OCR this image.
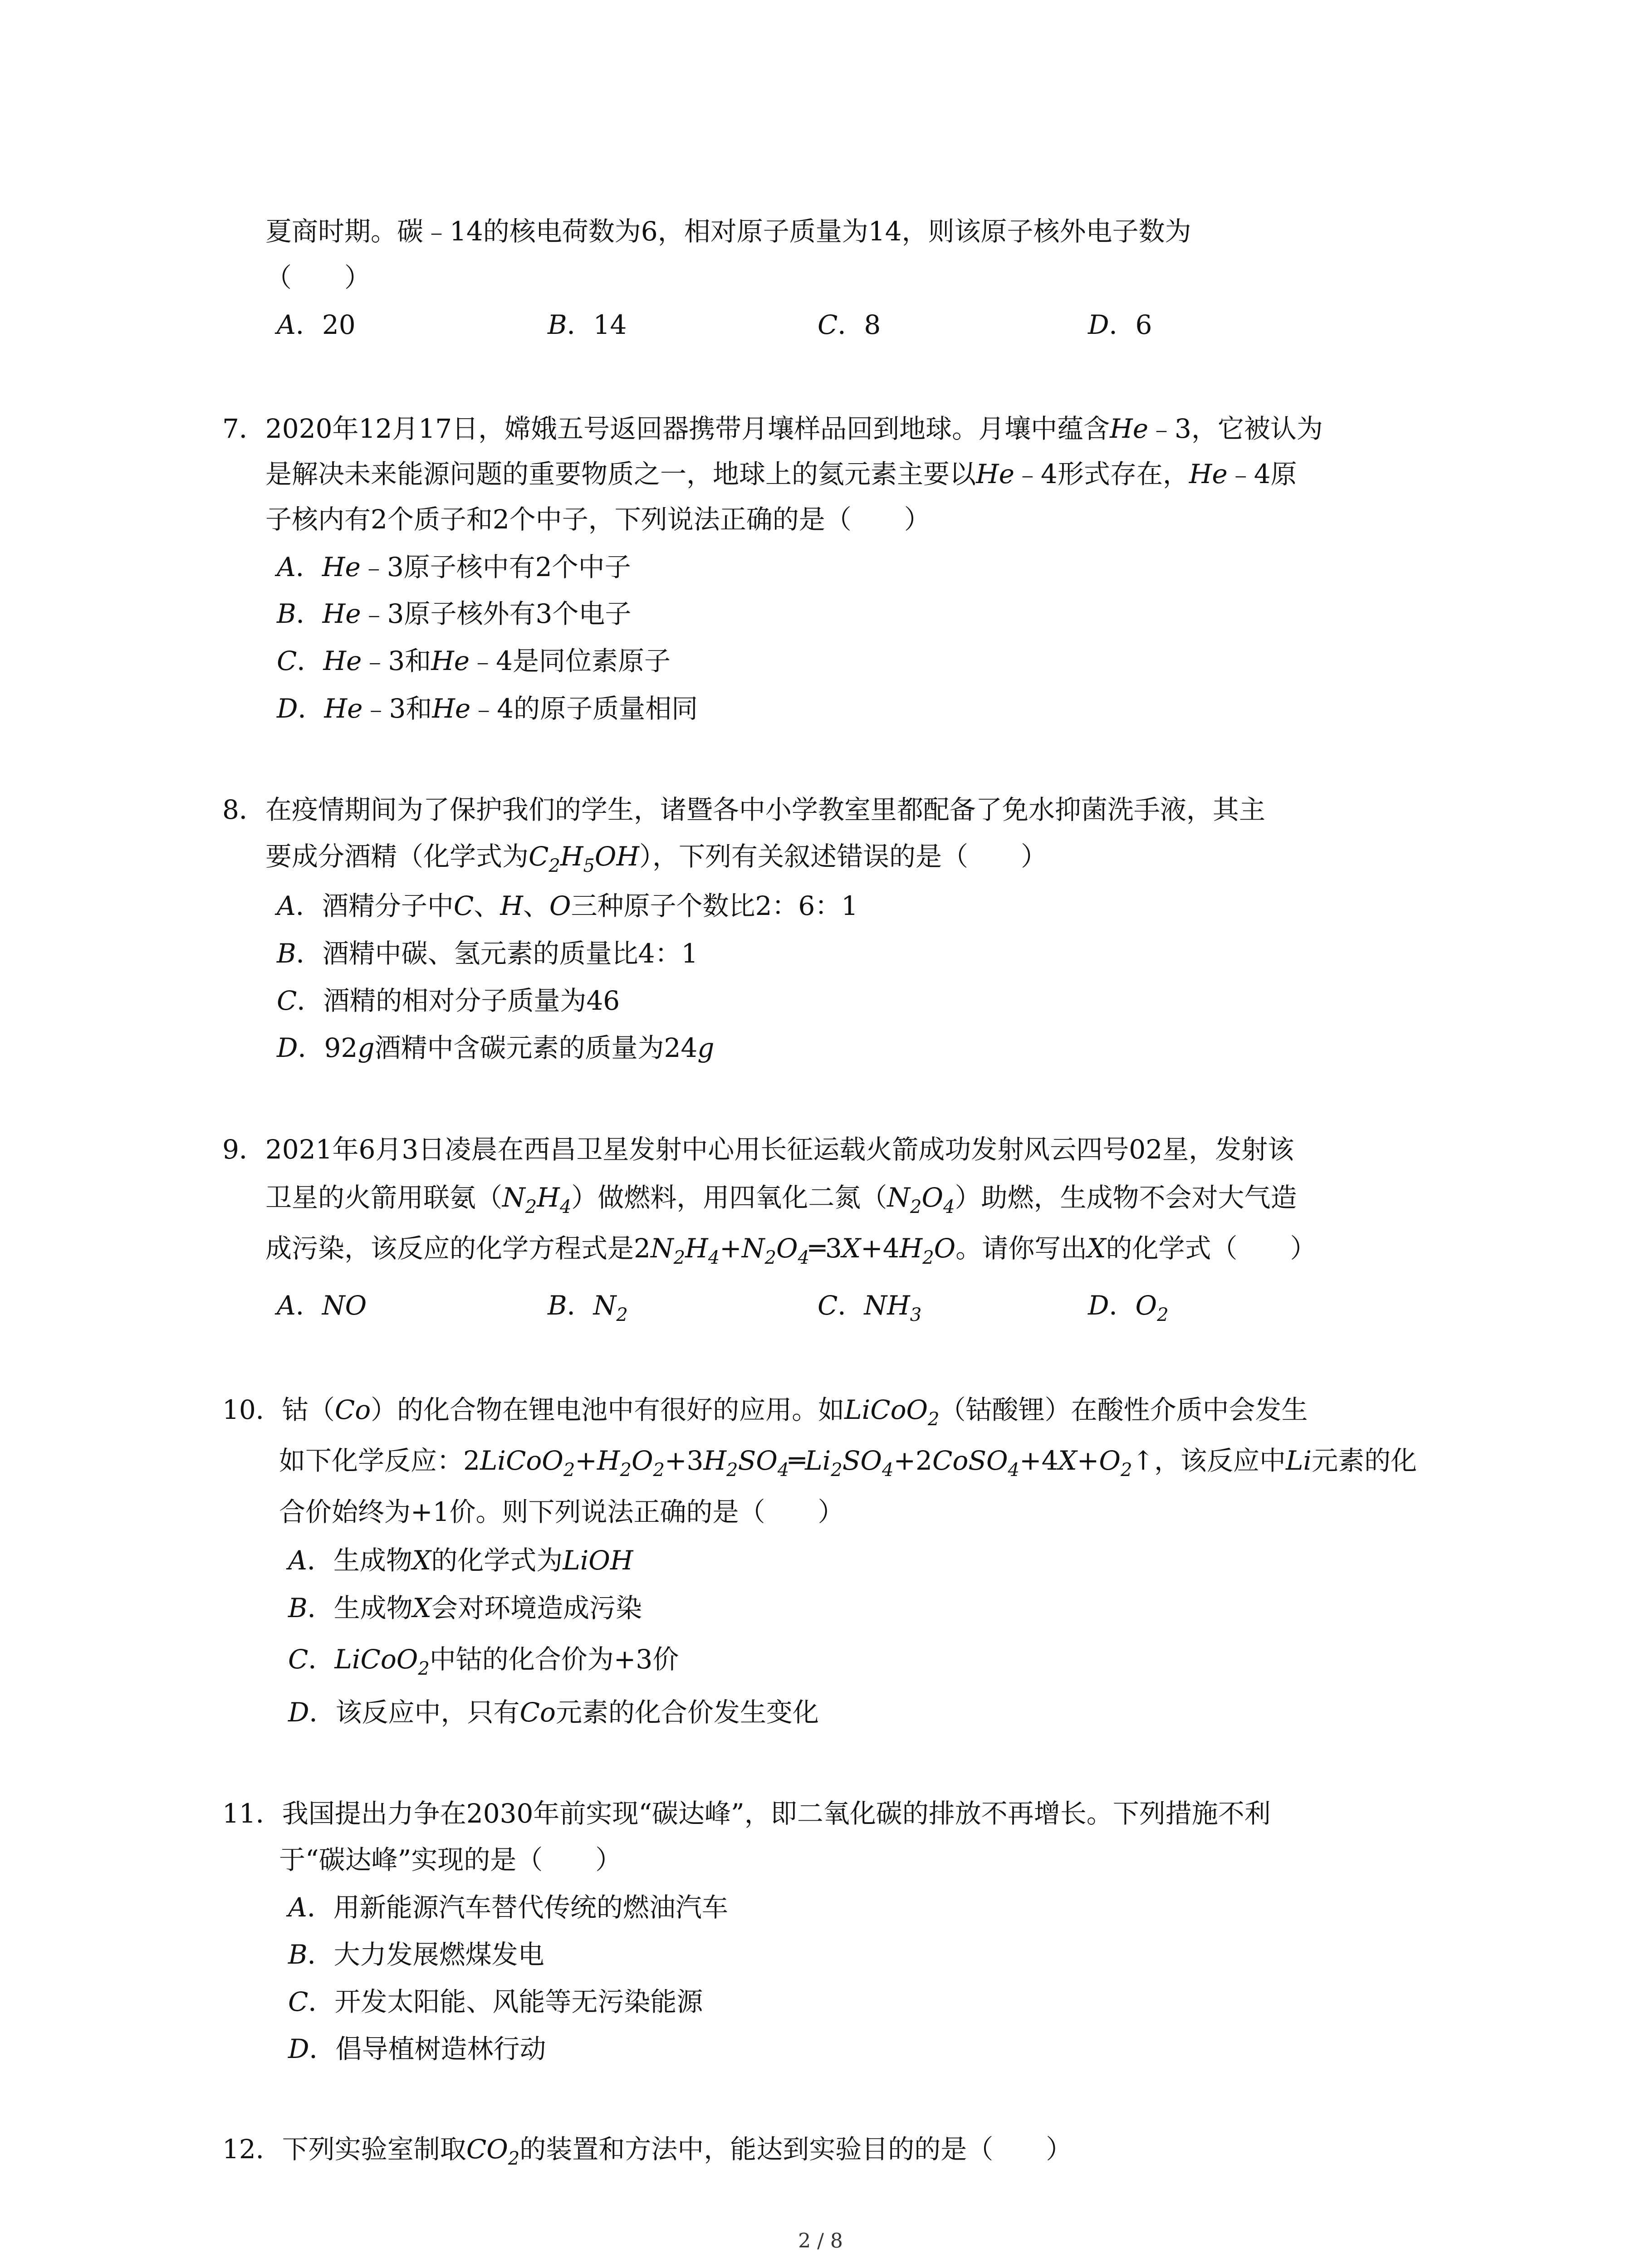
夏商时期。碳﹣14的核电荷数为6，相对原子质量为14，则该原子核外电子数为
（　　）
A．20	B．14	C．8	D．6
7．2020年12月17日，嫦娥五号返回器携带月壤样品回到地球。月壤中蕴含He﹣3，它被认为
是解决未来能源问题的重要物质之一，地球上的氦元素主要以He﹣4形式存在，He﹣4原
子核内有2个质子和2个中子，下列说法正确的是（　　）
A．He﹣3原子核中有2个中子
B．He﹣3原子核外有3个电子
C．He﹣3和He﹣4是同位素原子
D．He﹣3和He﹣4的原子质量相同
8．在疫情期间为了保护我们的学生，诸暨各中小学教室里都配备了免水抑菌洗手液，其主
要成分酒精（化学式为$C_2H_5OH$），下列有关叙述错误的是（　　）
A．酒精分子中C、H、O三种原子个数比2：6：1
B．酒精中碳、氢元素的质量比4：1
C．酒精的相对分子质量为46
D．92g酒精中含碳元素的质量为24g
9．2021年6月3日凌晨在西昌卫星发射中心用长征运载火箭成功发射风云四号02星，发射该
卫星的火箭用联氨$(N_2H_4)$做燃料，用四氧化二氮$(N_2O_4)$助燃，生成物不会对大气造
成污染，该反应的化学方程式是$2N_2H_4+N_2O_4═3X+4H_2O$。请你写出X的化学式（　　）
A．NO	B．$N_2$	C．$NH_3$	D．$O_2$
10．钴（Co）的化合物在锂电池中有很好的应用。如LiCoO$_2$（钴酸锂）在酸性介质中会发生
如下化学反应：$2LiCoO_2+H_2O_2+3H_2SO_4═Li_2SO_4+2CoSO_4+4X+O_2↑$，该反应中Li元素的化
合价始终为+1价。则下列说法正确的是（　　）
A．生成物X的化学式为LiOH
B．生成物X会对环境造成污染
C．LiCoO$_2$中钴的化合价为+3价
D．该反应中，只有Co元素的化合价发生变化
11．我国提出力争在2030年前实现“碳达峰”，即二氧化碳的排放不再增长。下列措施不利
于“碳达峰”实现的是（　　）
A．用新能源汽车替代传统的燃油汽车
B．大力发展燃煤发电
C．开发太阳能、风能等无污染能源
D．倡导植树造林行动
12．下列实验室制取$CO_2$的装置和方法中，能达到实验目的的是（　　）
2 / 8
